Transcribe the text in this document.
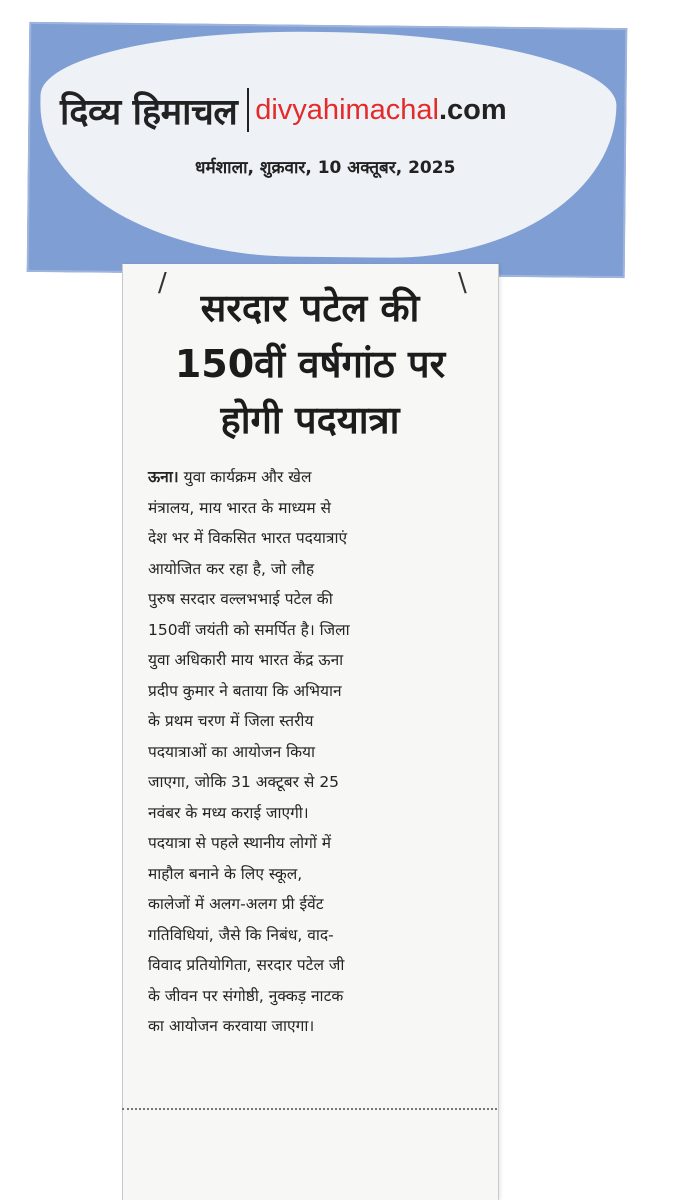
दिव्य हिमाचल divyahimachal.com
धर्मशाला, शुक्रवार, 10 अक्तूबर, 2025
/	\
सरदार पटेल की
150वीं वर्षगांठ पर
होगी पदयात्रा
ऊना। युवा कार्यक्रम और खेल
मंत्रालय, माय भारत के माध्यम से
देश भर में विकसित भारत पदयात्राएं
आयोजित कर रहा है, जो लौह
पुरुष सरदार वल्लभभाई पटेल की
150वीं जयंती को समर्पित है। जिला
युवा अधिकारी माय भारत केंद्र ऊना
प्रदीप कुमार ने बताया कि अभियान
के प्रथम चरण में जिला स्तरीय
पदयात्राओं का आयोजन किया
जाएगा, जोकि 31 अक्टूबर से 25
नवंबर के मध्य कराई जाएगी।
पदयात्रा से पहले स्थानीय लोगों में
माहौल बनाने के लिए स्कूल,
कालेजों में अलग-अलग प्री ईवेंट
गतिविधियां, जैसे कि निबंध, वाद-
विवाद प्रतियोगिता, सरदार पटेल जी
के जीवन पर संगोष्ठी, नुक्कड़ नाटक
का आयोजन करवाया जाएगा।
